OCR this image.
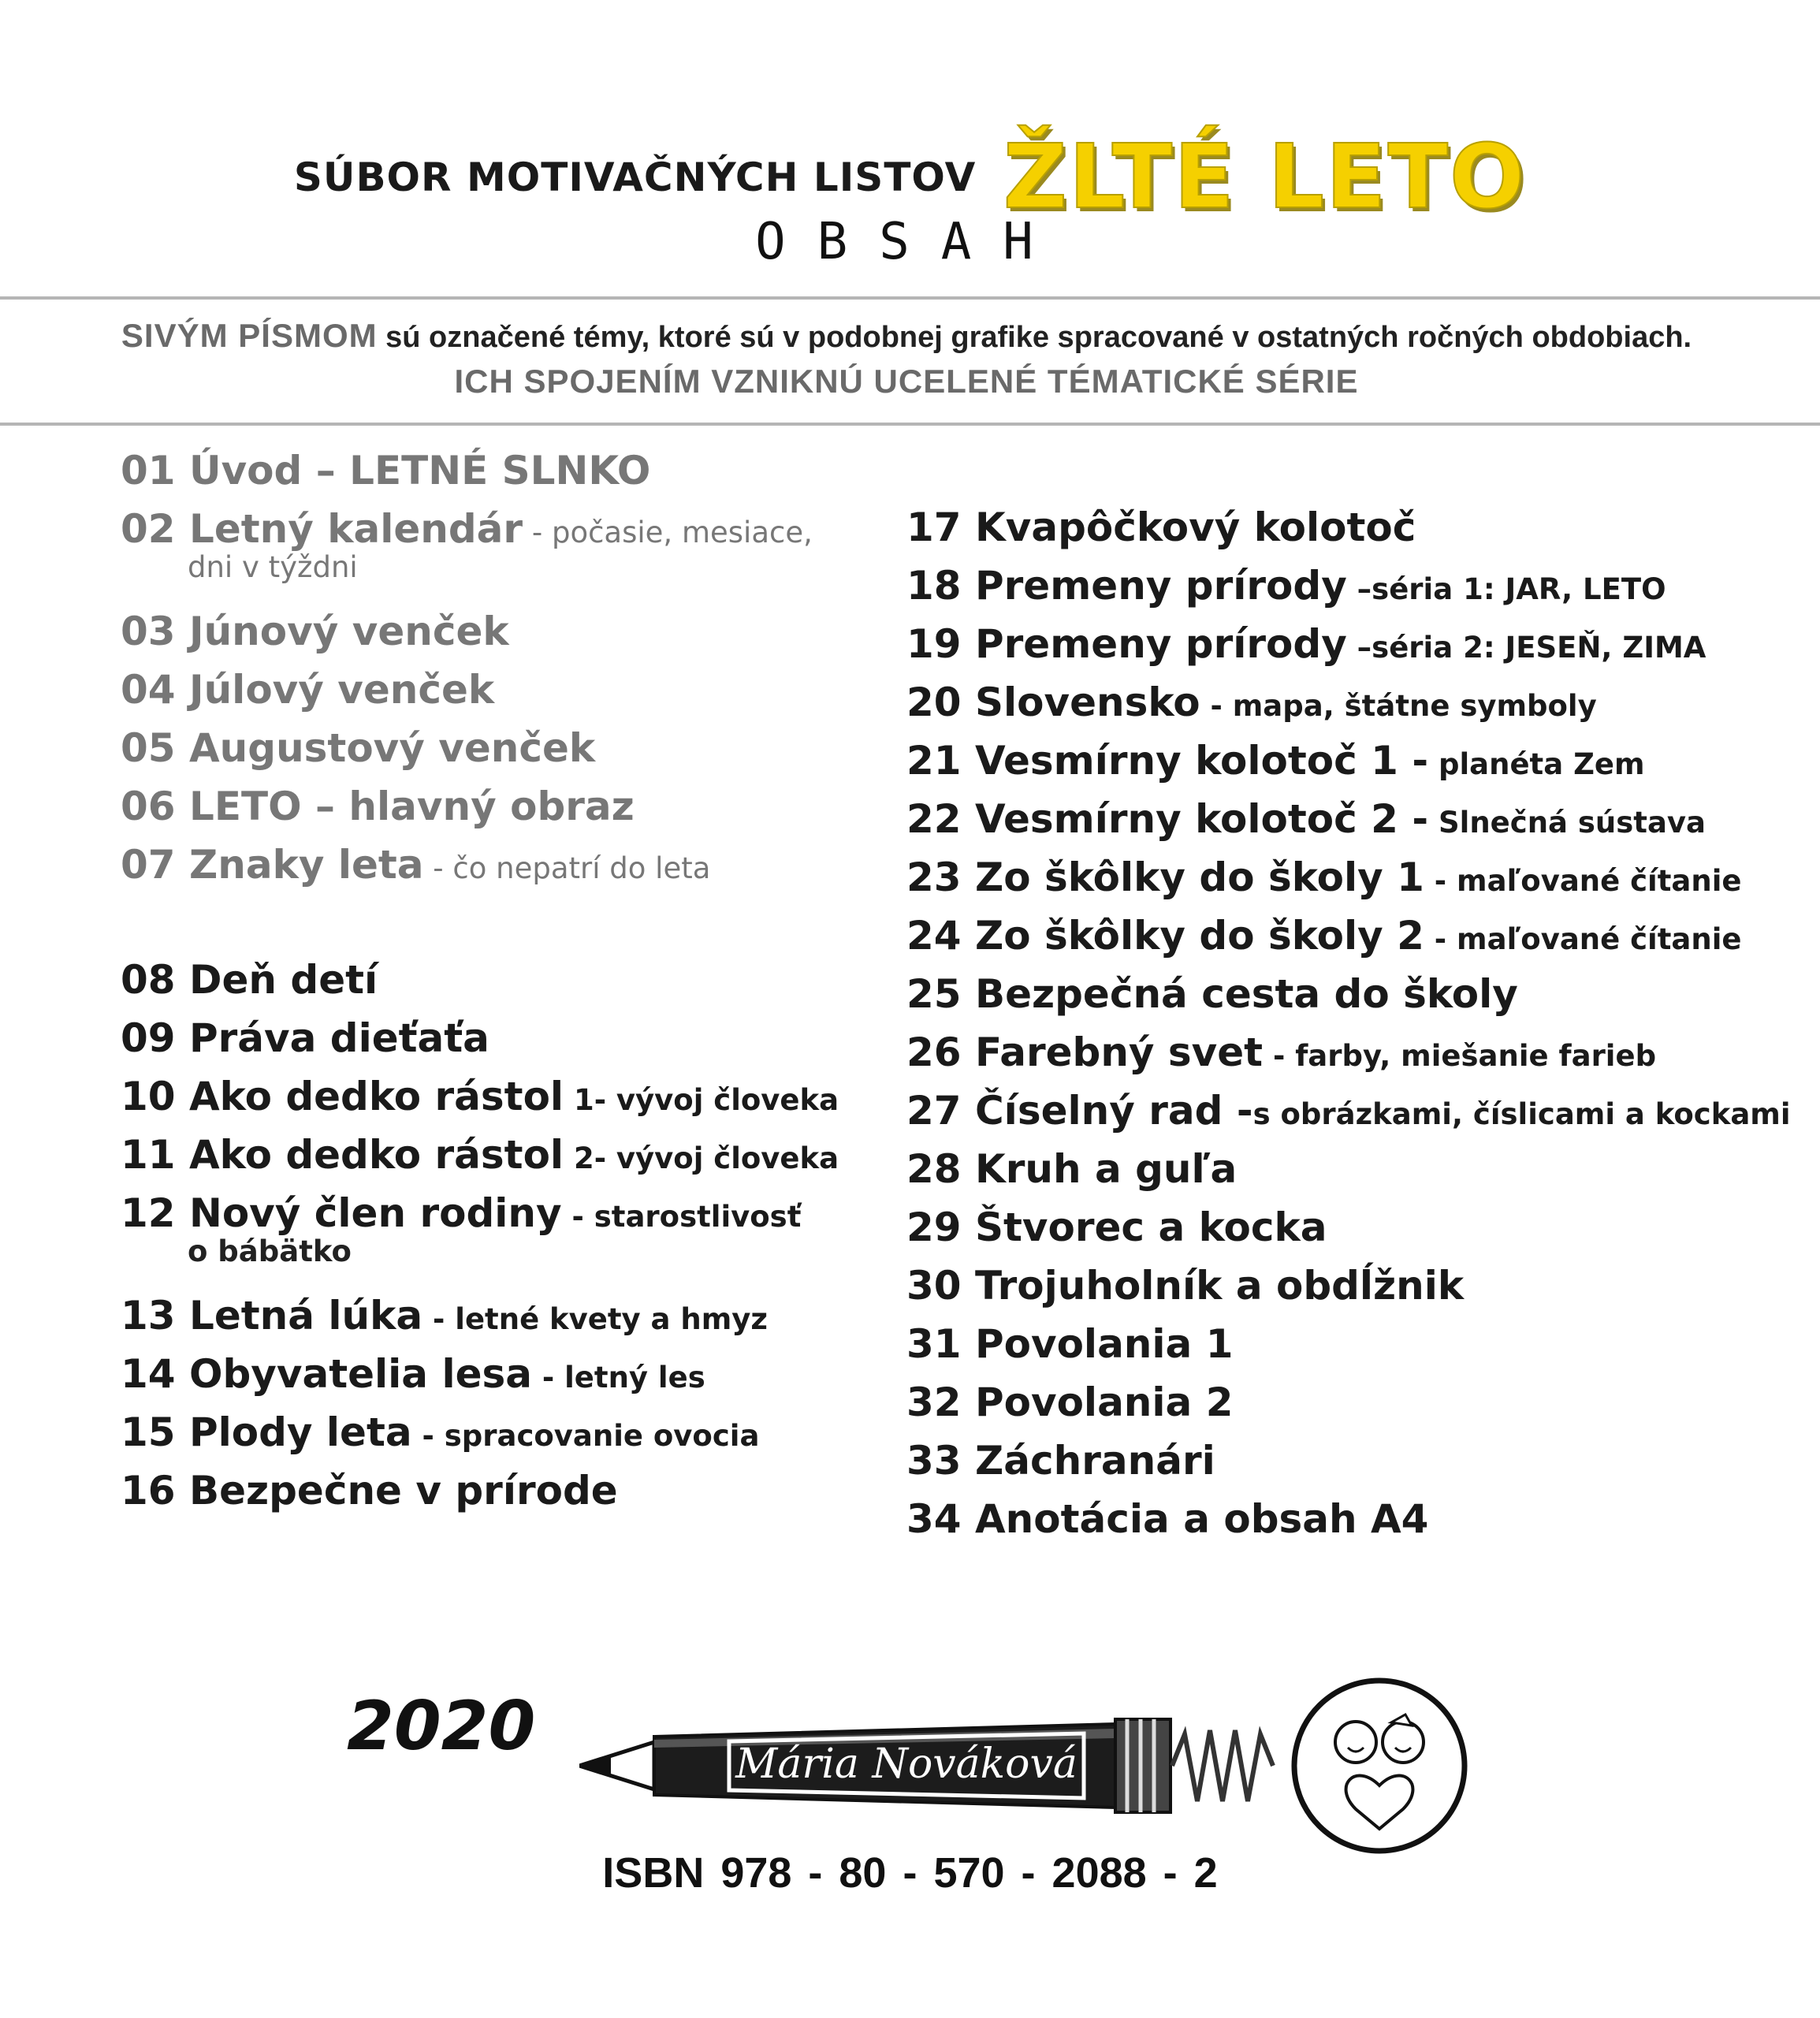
SÚBOR MOTIVAČNÝCH LISTOV ŽLTÉ LETO
OBSAH
SIVÝM PÍSMOM sú označené témy, ktoré sú v podobnej grafike spracované v ostatných ročných obdobiach. ICH SPOJENÍM VZNIKNÚ UCELENÉ TÉMATICKÉ SÉRIE
01 Úvod – LETNÉ SLNKO
02 Letný kalendár - počasie, mesiace,
dni v týždni
03 Júnový venček
04 Júlový venček
05 Augustový venček
06 LETO – hlavný obraz
07 Znaky leta - čo nepatrí do leta
08 Deň detí
09 Práva dieťaťa
10 Ako dedko rástol 1- vývoj človeka
11 Ako dedko rástol 2- vývoj človeka
12 Nový člen rodiny - starostlivosť
o bábätko
13 Letná lúka - letné kvety a hmyz
14 Obyvatelia lesa - letný les
15 Plody leta - spracovanie ovocia
16 Bezpečne v prírode
17 Kvapôčkový kolotoč
18 Premeny prírody –séria 1: JAR, LETO
19 Premeny prírody –séria 2: JESEŇ, ZIMA
20 Slovensko - mapa, štátne symboly
21 Vesmírny kolotoč 1 - planéta Zem
22 Vesmírny kolotoč 2 - Slnečná sústava
23 Zo škôlky do školy 1 - maľované čítanie
24 Zo škôlky do školy 2 - maľované čítanie
25 Bezpečná cesta do školy
26 Farebný svet - farby, miešanie farieb
27 Číselný rad -s obrázkami, číslicami a kockami
28 Kruh a guľa
29 Štvorec a kocka
30 Trojuholník a obdĺžnik
31 Povolania 1
32 Povolania 2
33 Záchranári
34 Anotácia a obsah A4
2020	Mária Nováková
ISBN 978 - 80 - 570 - 2088 - 2
